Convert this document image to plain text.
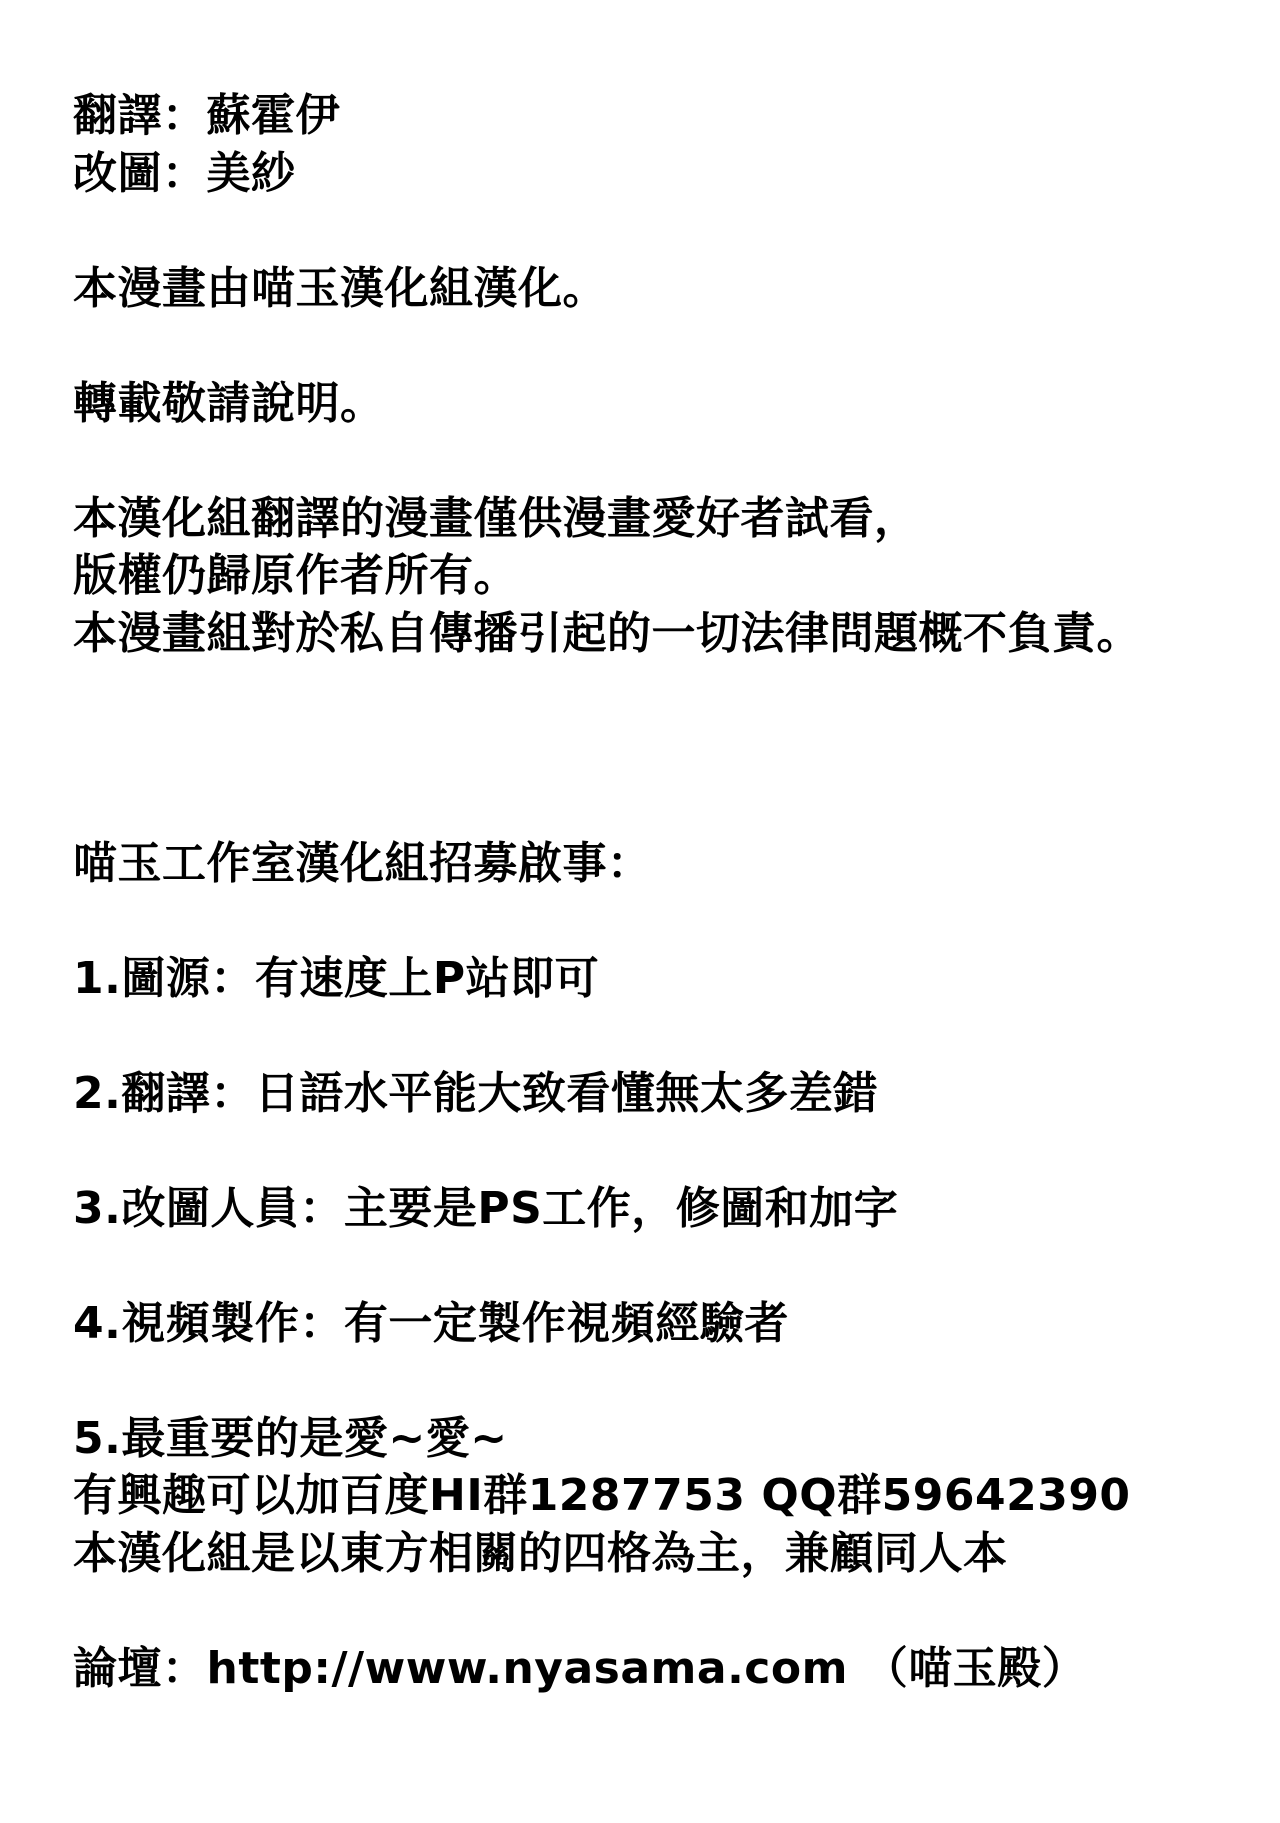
翻譯：蘇霍伊
改圖：美紗
本漫畫由喵玉漢化組漢化。
轉載敬請說明。
本漢化組翻譯的漫畫僅供漫畫愛好者試看，
版權仍歸原作者所有。
本漫畫組對於私自傳播引起的一切法律問題概不負責。
喵玉工作室漢化組招募啟事：
1.圖源：有速度上P站即可
2.翻譯：日語水平能大致看懂無太多差錯
3.改圖人員：主要是PS工作，修圖和加字
4.視頻製作：有一定製作視頻經驗者
5.最重要的是愛~愛~
有興趣可以加百度HI群1287753 QQ群59642390
本漢化組是以東方相關的四格為主，兼顧同人本
論壇：http://www.nyasama.com （喵玉殿）
